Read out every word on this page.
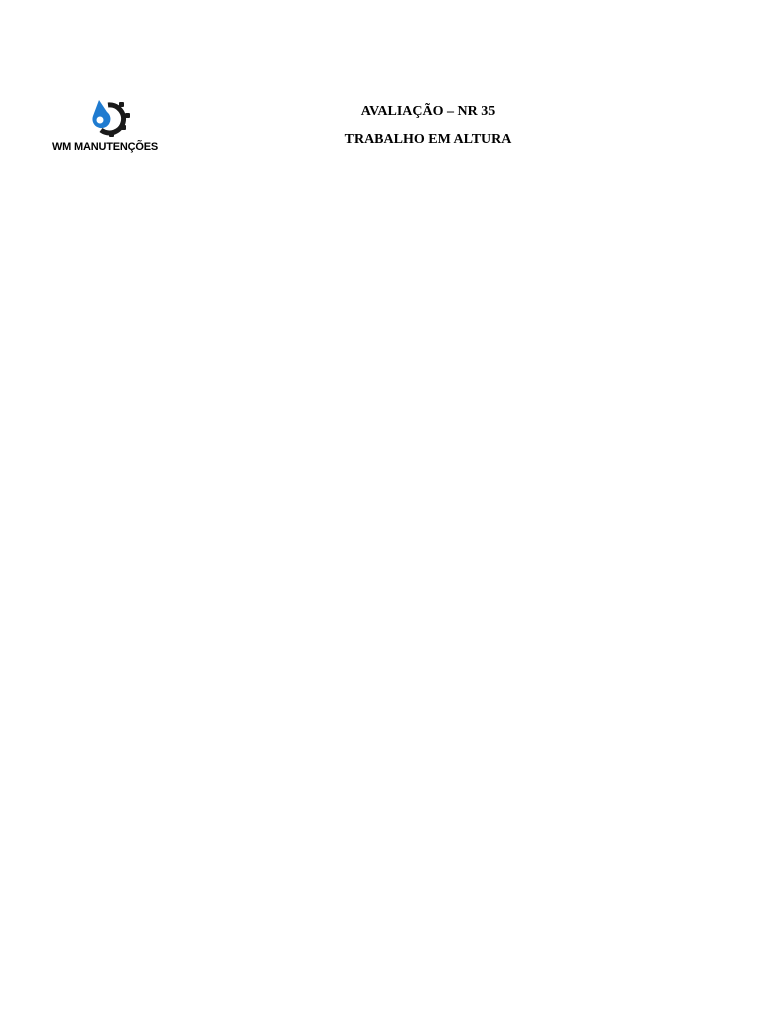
WM MANUTENÇÕES
AVALIAÇÃO – NR 35
TRABALHO EM ALTURA
